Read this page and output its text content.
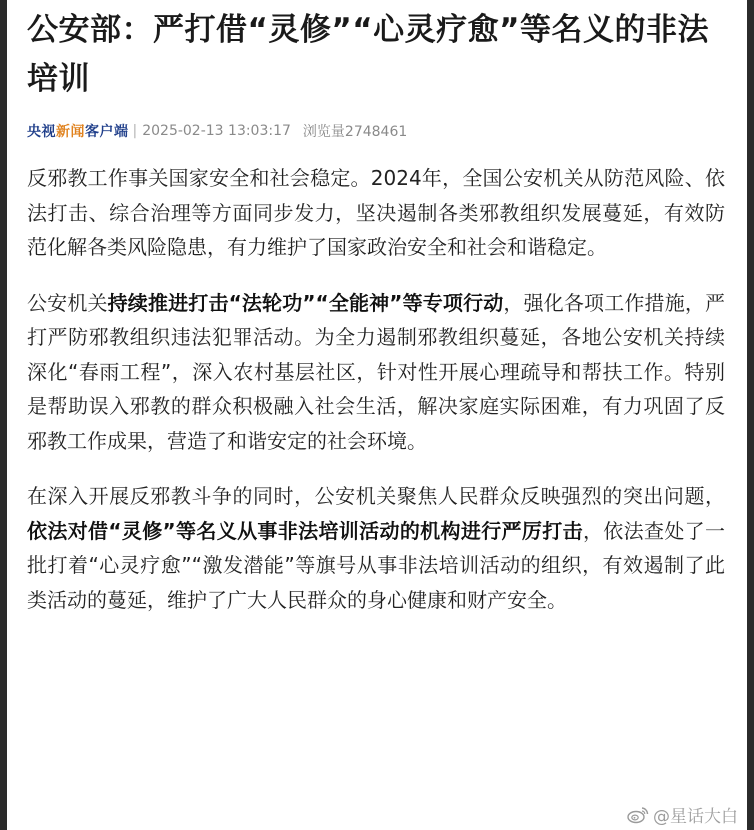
公安部：严打借“灵修”“心灵疗愈”等名义的非法培训
央视新闻客户端 | 2025-02-13 13:03:17 浏览量2748461

反邪教工作事关国家安全和社会稳定。2024年，全国公安机关从防范风险、依法打击、综合治理等方面同步发力，坚决遏制各类邪教组织发展蔓延，有效防范化解各类风险隐患，有力维护了国家政治安全和社会和谐稳定。

公安机关持续推进打击“法轮功”“全能神”等专项行动，强化各项工作措施，严打严防邪教组织违法犯罪活动。为全力遏制邪教组织蔓延，各地公安机关持续深化“春雨工程”，深入农村基层社区，针对性开展心理疏导和帮扶工作。特别是帮助误入邪教的群众积极融入社会生活，解决家庭实际困难，有力巩固了反邪教工作成果，营造了和谐安定的社会环境。

在深入开展反邪教斗争的同时，公安机关聚焦人民群众反映强烈的突出问题，依法对借“灵修”等名义从事非法培训活动的机构进行严厉打击，依法查处了一批打着“心灵疗愈”“激发潜能”等旗号从事非法培训活动的组织，有效遏制了此类活动的蔓延，维护了广大人民群众的身心健康和财产安全。

@星话大白
